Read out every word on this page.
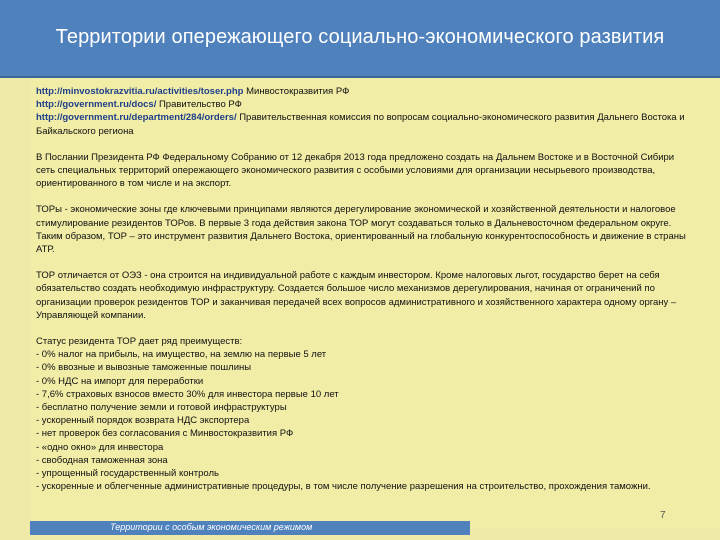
Территории опережающего социально-экономического развития

http://minvostokrazvitia.ru/activities/toser.php Минвостокразвития РФ

http://government.ru/docs/ Правительство РФ

http://government.ru/department/284/orders/ Правительственная комиссия по вопросам социально-экономического развития Дальнего Востока и Байкальского региона

В Послании Президента РФ Федеральному Собранию от 12 декабря 2013 года предложено создать на Дальнем Востоке и в Восточной Сибири сеть специальных территорий опережающего экономического развития с особыми условиями для организации несырьевого производства, ориентированного в том числе и на экспорт.

ТОРы - экономические зоны где ключевыми принципами являются дерегулирование экономической и хозяйственной деятельности и налоговое стимулирование резидентов ТОРов. В первые 3 года действия закона ТОР могут создаваться только в Дальневосточном федеральном округе. Таким образом, ТОР – это инструмент развития Дальнего Востока, ориентированный на глобальную конкурентоспособность и движение в страны АТР.

ТОР отличается от ОЭЗ - она строится на индивидуальной работе с каждым инвестором. Кроме налоговых льгот, государство берет на себя обязательство создать необходимую инфраструктуру. Создается большое число механизмов дерегулирования, начиная от ограничений по организации проверок резидентов ТОР и заканчивая передачей всех вопросов административного и хозяйственного характера одному органу – Управляющей компании.

Статус резидента ТОР дает ряд преимуществ:

- 0% налог на прибыль, на имущество, на землю на первые 5 лет

- 0% ввозные и вывозные таможенные пошлины

- 0% НДС на импорт для переработки

- 7,6% страховых взносов вместо 30% для инвестора первые 10 лет

- бесплатно получение земли и готовой инфраструктуры

- ускоренный порядок возврата НДС экспортера

- нет проверок без согласования с Минвостокразвития РФ

- «одно окно» для инвестора

- свободная таможенная зона

- упрощенный государственный контроль

- ускоренные и облегченные административные процедуры, в том числе получение разрешения на строительство, прохождения таможни.

7
Территории с особым экономическим режимом
